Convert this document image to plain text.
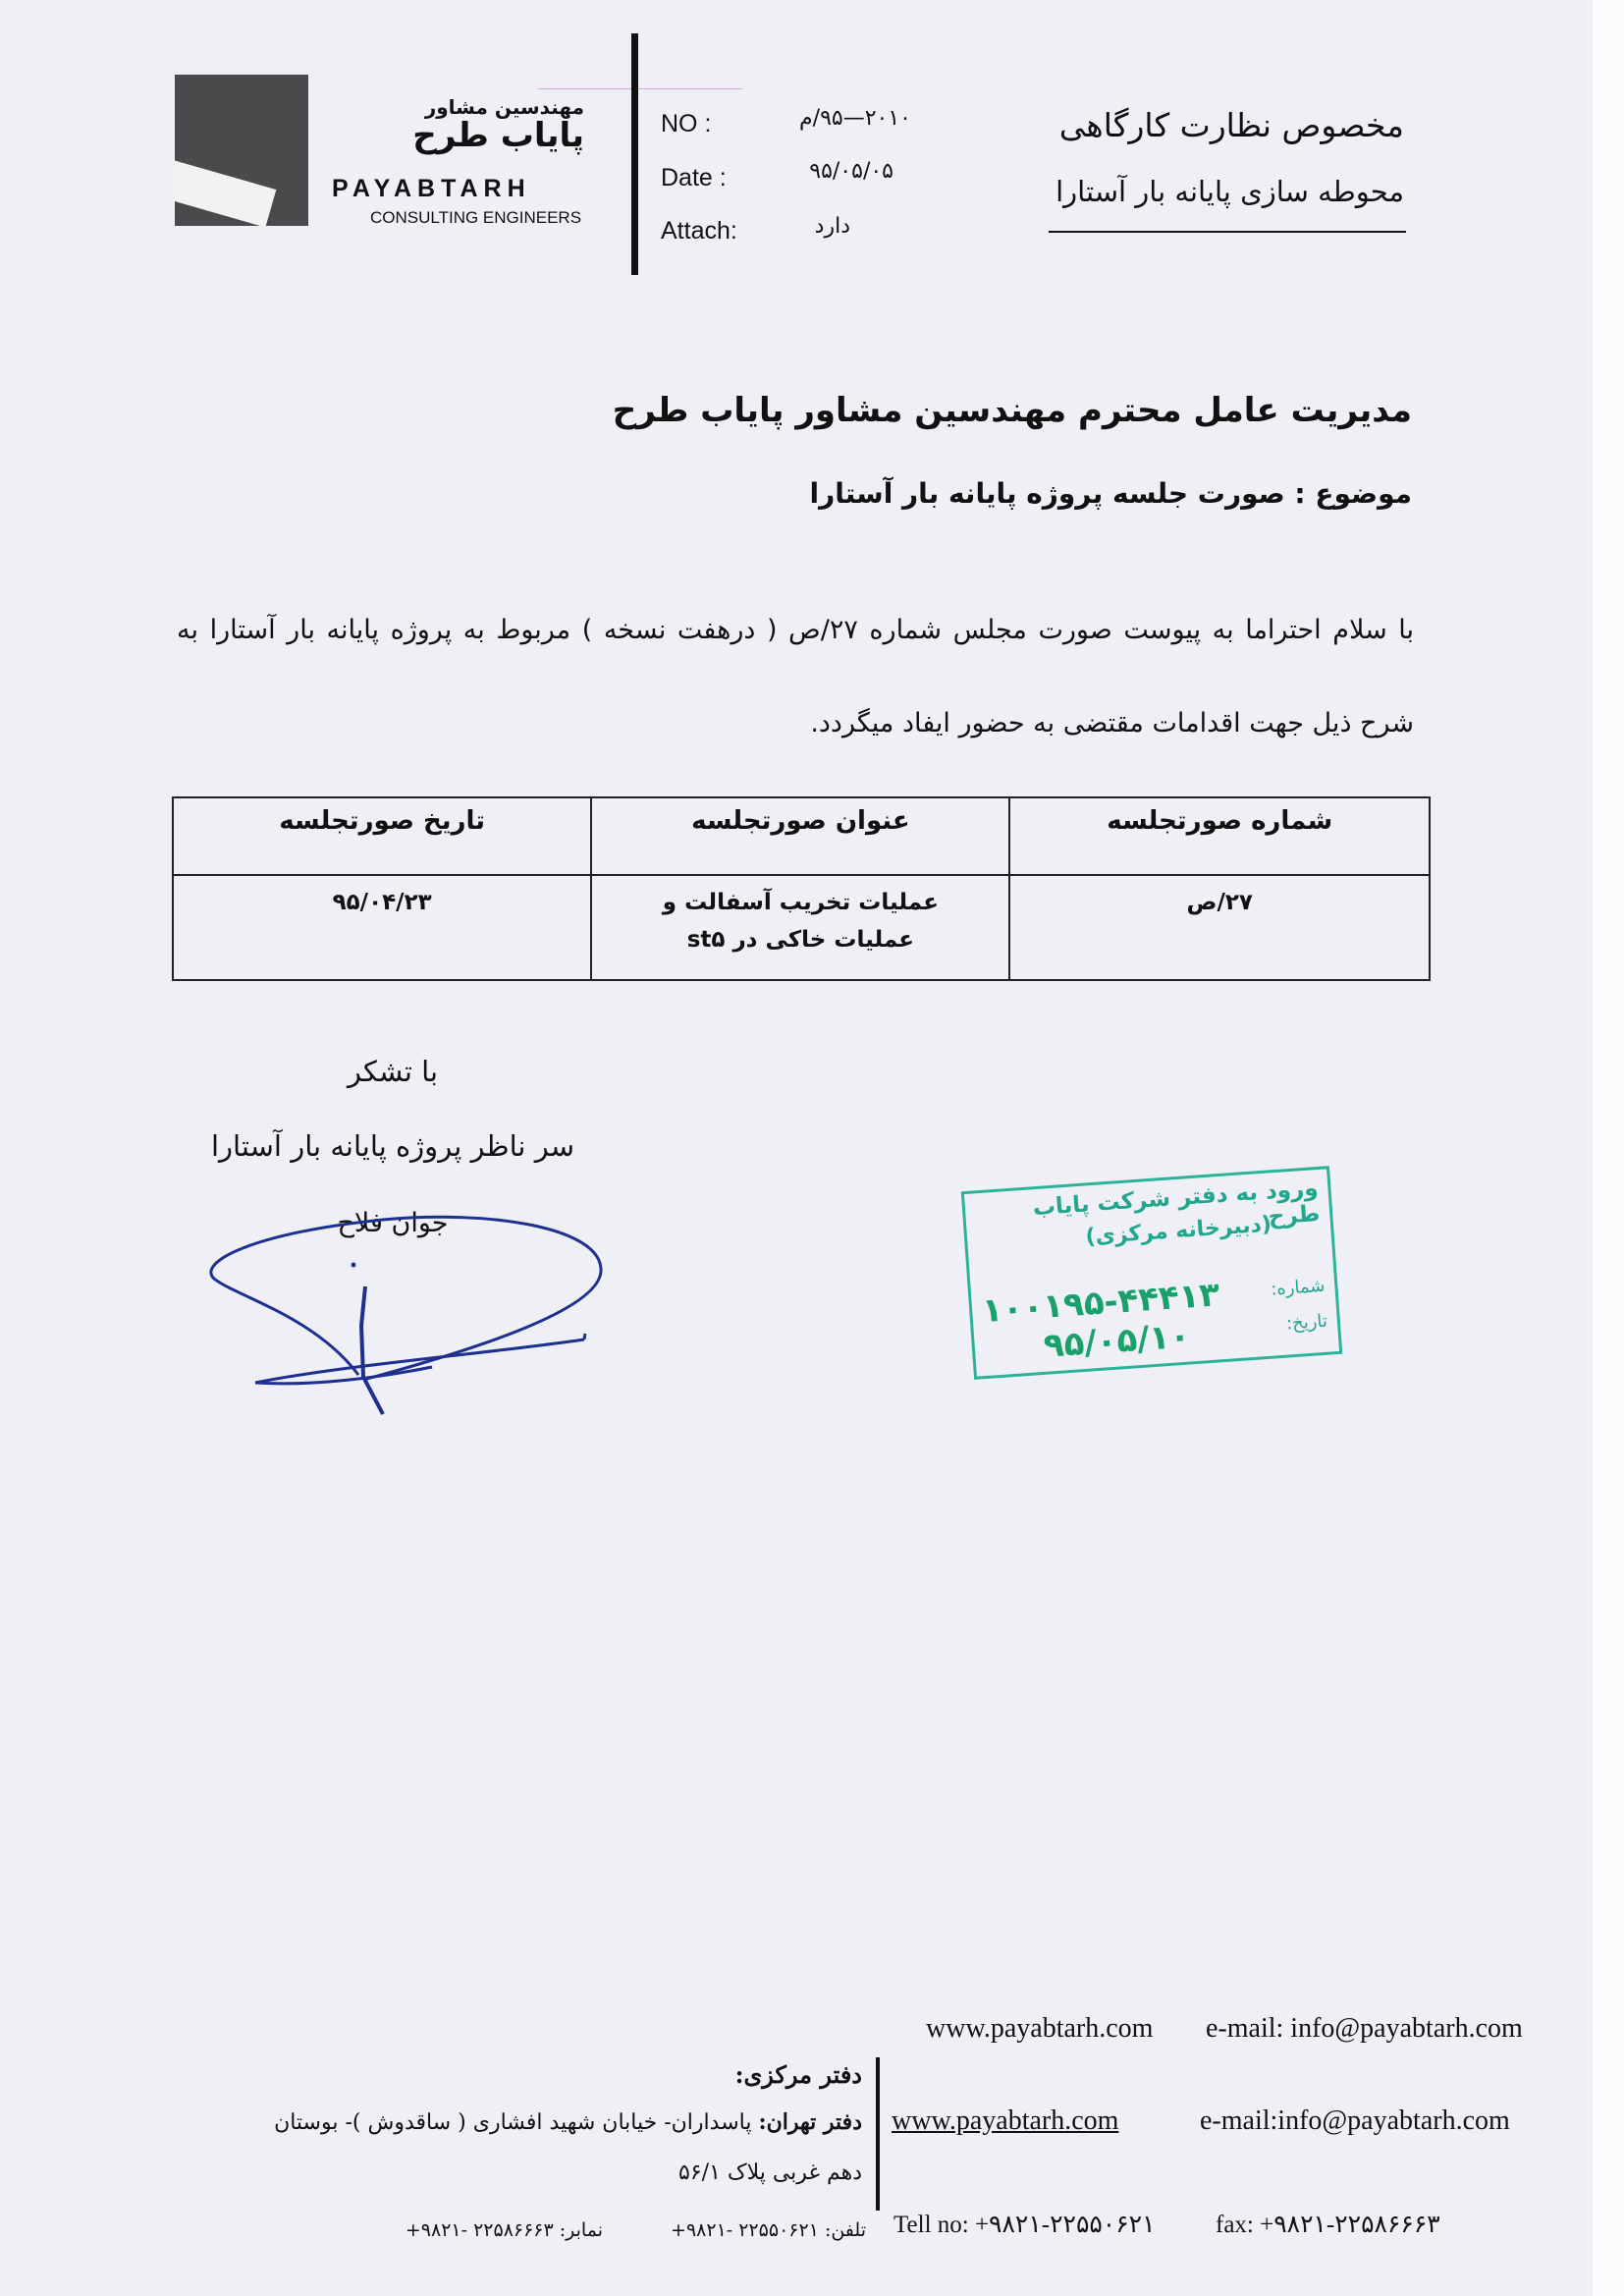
مهندسین مشاور
پایاب طرح
PAYABTARH
CONSULTING ENGINEERS
NO :	۲۰۱۰—۹۵/م
Date :	۹۵/۰۵/۰۵
Attach:	دارد
مخصوص نظارت کارگاهی
محوطه سازی پایانه بار آستارا
مدیریت عامل محترم مهندسین مشاور پایاب طرح
موضوع : صورت جلسه پروژه پایانه بار آستارا
با سلام احتراما به پیوست صورت مجلس شماره ۲۷/ص ( درهفت نسخه ) مربوط به پروژه پایانه بار آستارا به شرح ذیل جهت اقدامات مقتضی به حضور ایفاد میگردد.
شماره صورتجلسه	عنوان صورتجلسه	تاریخ صورتجلسه
۲۷/ص	عملیات تخریب آسفالت و عملیات خاکی در st۵	۹۵/۰۴/۲۳
با تشکر
سر ناظر پروژه پایانه بار آستارا
جوان فلاح
ورود به دفتر شرکت پایاب طرح
(دبیرخانه مرکزی)
شماره:
۱۰۰۱۹۵-۴۴۴۱۳	تاریخ:
۹۵/۰۵/۱۰
www.payabtarh.com e-mail: info@payabtarh.com
دفتر مرکزی:
دفتر تهران: پاسداران- خیابان شهید افشاری ( ساقدوش )- بوستان
دهم غربی پلاک ۵۶/۱
تلفن: ۲۲۵۵۰۶۲۱ -۹۸۲۱+
نمابر: ۲۲۵۸۶۶۶۳ -۹۸۲۱+
www.payabtarh.com	e-mail:info@payabtarh.com
Tell no: +۹۸۲۱-۲۲۵۵۰۶۲۱ fax: +۹۸۲۱-۲۲۵۸۶۶۶۳
